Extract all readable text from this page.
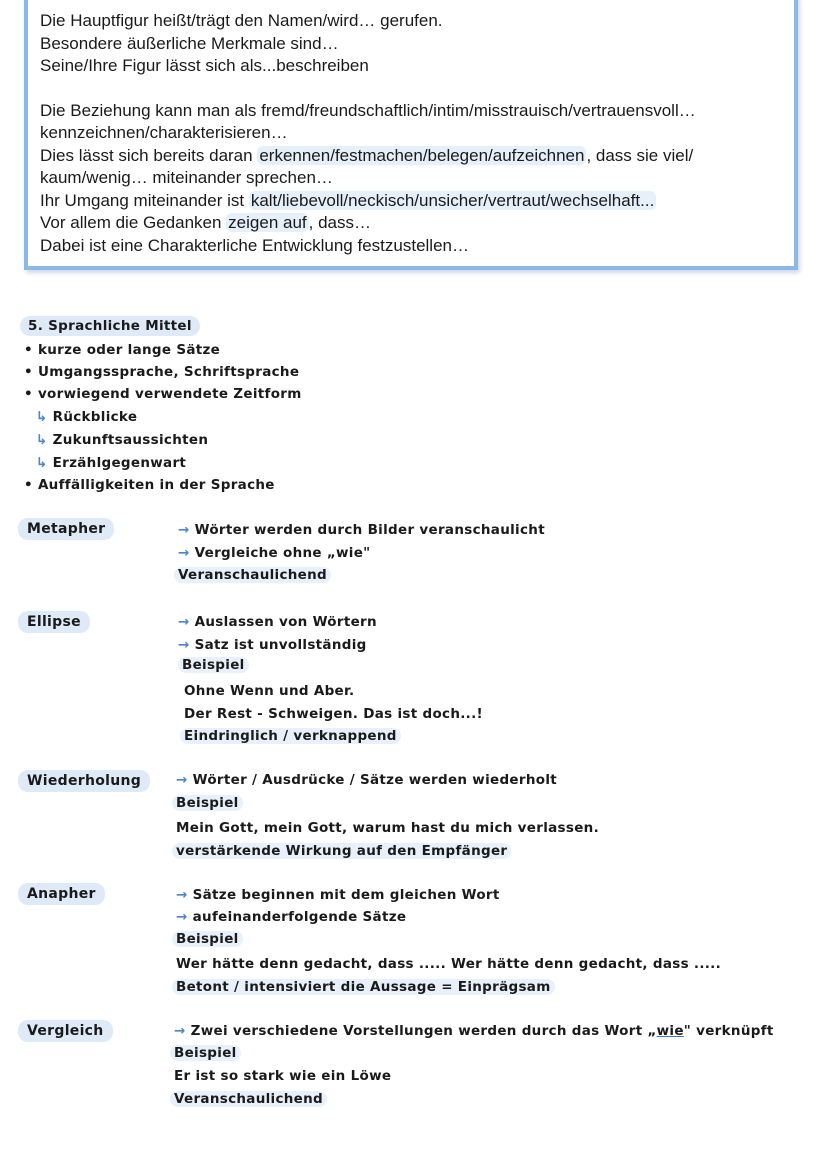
Die Hauptfigur heißt/trägt den Namen/wird… gerufen.

Besondere äußerliche Merkmale sind…

Seine/Ihre Figur lässt sich als...beschreiben

Die Beziehung kann man als fremd/freundschaftlich/intim/misstrauisch/vertrauensvoll…

kennzeichnen/charakterisieren…

Dies lässt sich bereits daran erkennen/festmachen/belegen/aufzeichnen , dass sie viel/

kaum/wenig… miteinander sprechen…

Ihr Umgang miteinander ist kalt/liebevoll/neckisch/unsicher/vertraut/wechselhaft...

Vor allem die Gedanken zeigen auf , dass…

Dabei ist eine Charakterliche Entwicklung festzustellen…

5. Sprachliche Mittel
• kurze oder lange Sätze
• Umgangssprache, Schriftsprache
• vorwiegend verwendete Zeitform
↳ Rückblicke
↳ Zukunftsaussichten
↳ Erzählgegenwart
• Auffälligkeiten in der Sprache
Metapher	→ Wörter werden durch Bilder veranschaulicht
→ Vergleiche ohne „wie"
Veranschaulichend
Ellipse	→ Auslassen von Wörtern
→ Satz ist unvollständig
Beispiel
Ohne Wenn und Aber.
Der Rest - Schweigen. Das ist doch...!
Eindringlich / verknappend
Wiederholung	→ Wörter / Ausdrücke / Sätze werden wiederholt
Beispiel
Mein Gott, mein Gott, warum hast du mich verlassen.
verstärkende Wirkung auf den Empfänger
Anapher	→ Sätze beginnen mit dem gleichen Wort
→ aufeinanderfolgende Sätze
Beispiel
Wer hätte denn gedacht, dass ..... Wer hätte denn gedacht, dass .....
Betont / intensiviert die Aussage = Einprägsam
Vergleich	→ Zwei verschiedene Vorstellungen werden durch das Wort „wie" verknüpft
Beispiel
Er ist so stark wie ein Löwe
Veranschaulichend
